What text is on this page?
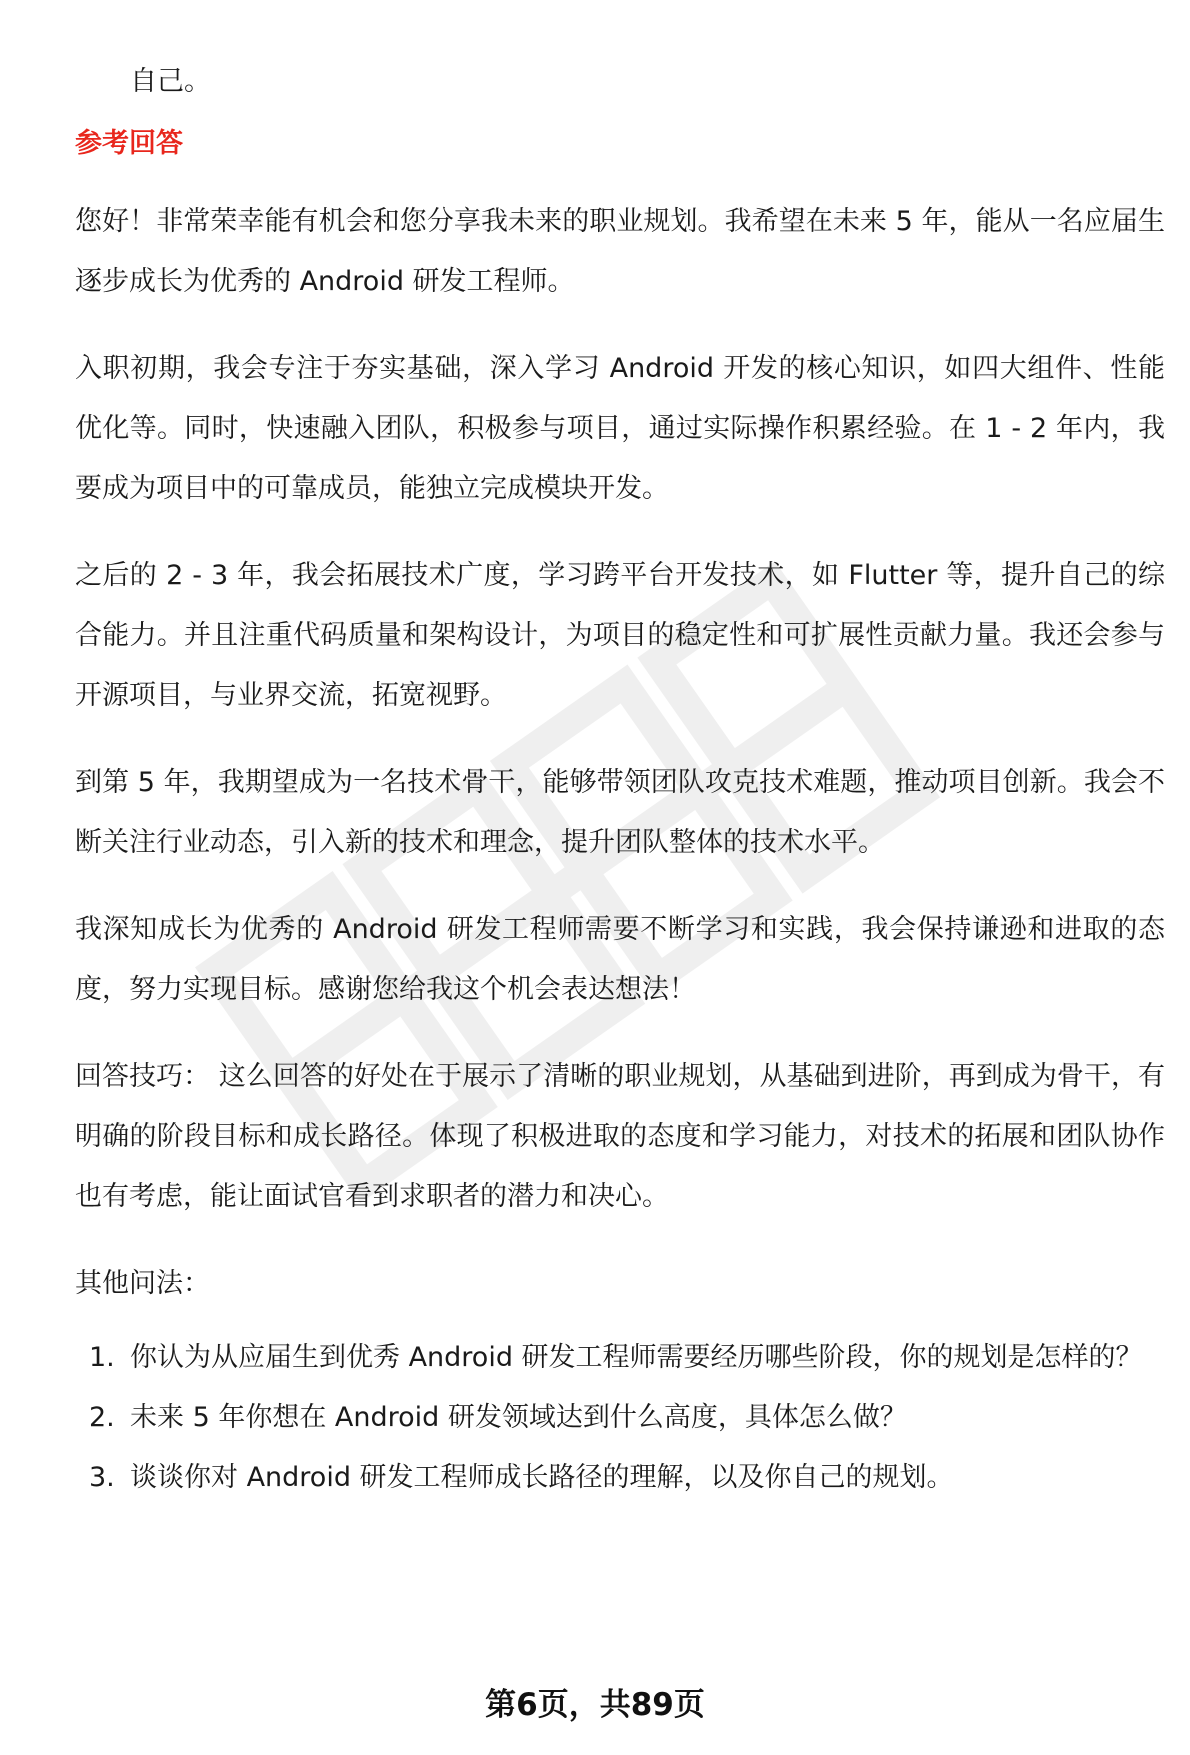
自己。

参考回答

您好！非常荣幸能有机会和您分享我未来的职业规划。我希望在未来 5 年，能从一名应届生逐步成长为优秀的 Android 研发工程师。

入职初期，我会专注于夯实基础，深入学习 Android 开发的核心知识，如四大组件、性能优化等。同时，快速融入团队，积极参与项目，通过实际操作积累经验。在 1 - 2 年内，我要成为项目中的可靠成员，能独立完成模块开发。

之后的 2 - 3 年，我会拓展技术广度，学习跨平台开发技术，如 Flutter 等，提升自己的综合能力。并且注重代码质量和架构设计，为项目的稳定性和可扩展性贡献力量。我还会参与开源项目，与业界交流，拓宽视野。

到第 5 年，我期望成为一名技术骨干，能够带领团队攻克技术难题，推动项目创新。我会不断关注行业动态，引入新的技术和理念，提升团队整体的技术水平。

我深知成长为优秀的 Android 研发工程师需要不断学习和实践，我会保持谦逊和进取的态度，努力实现目标。感谢您给我这个机会表达想法！

回答技巧： 这么回答的好处在于展示了清晰的职业规划，从基础到进阶，再到成为骨干，有明确的阶段目标和成长路径。体现了积极进取的态度和学习能力，对技术的拓展和团队协作也有考虑，能让面试官看到求职者的潜力和决心。

其他问法：

1. 你认为从应届生到优秀 Android 研发工程师需要经历哪些阶段，你的规划是怎样的？
2. 未来 5 年你想在 Android 研发领域达到什么高度，具体怎么做？
3. 谈谈你对 Android 研发工程师成长路径的理解，以及你自己的规划。
第6页，共89页
